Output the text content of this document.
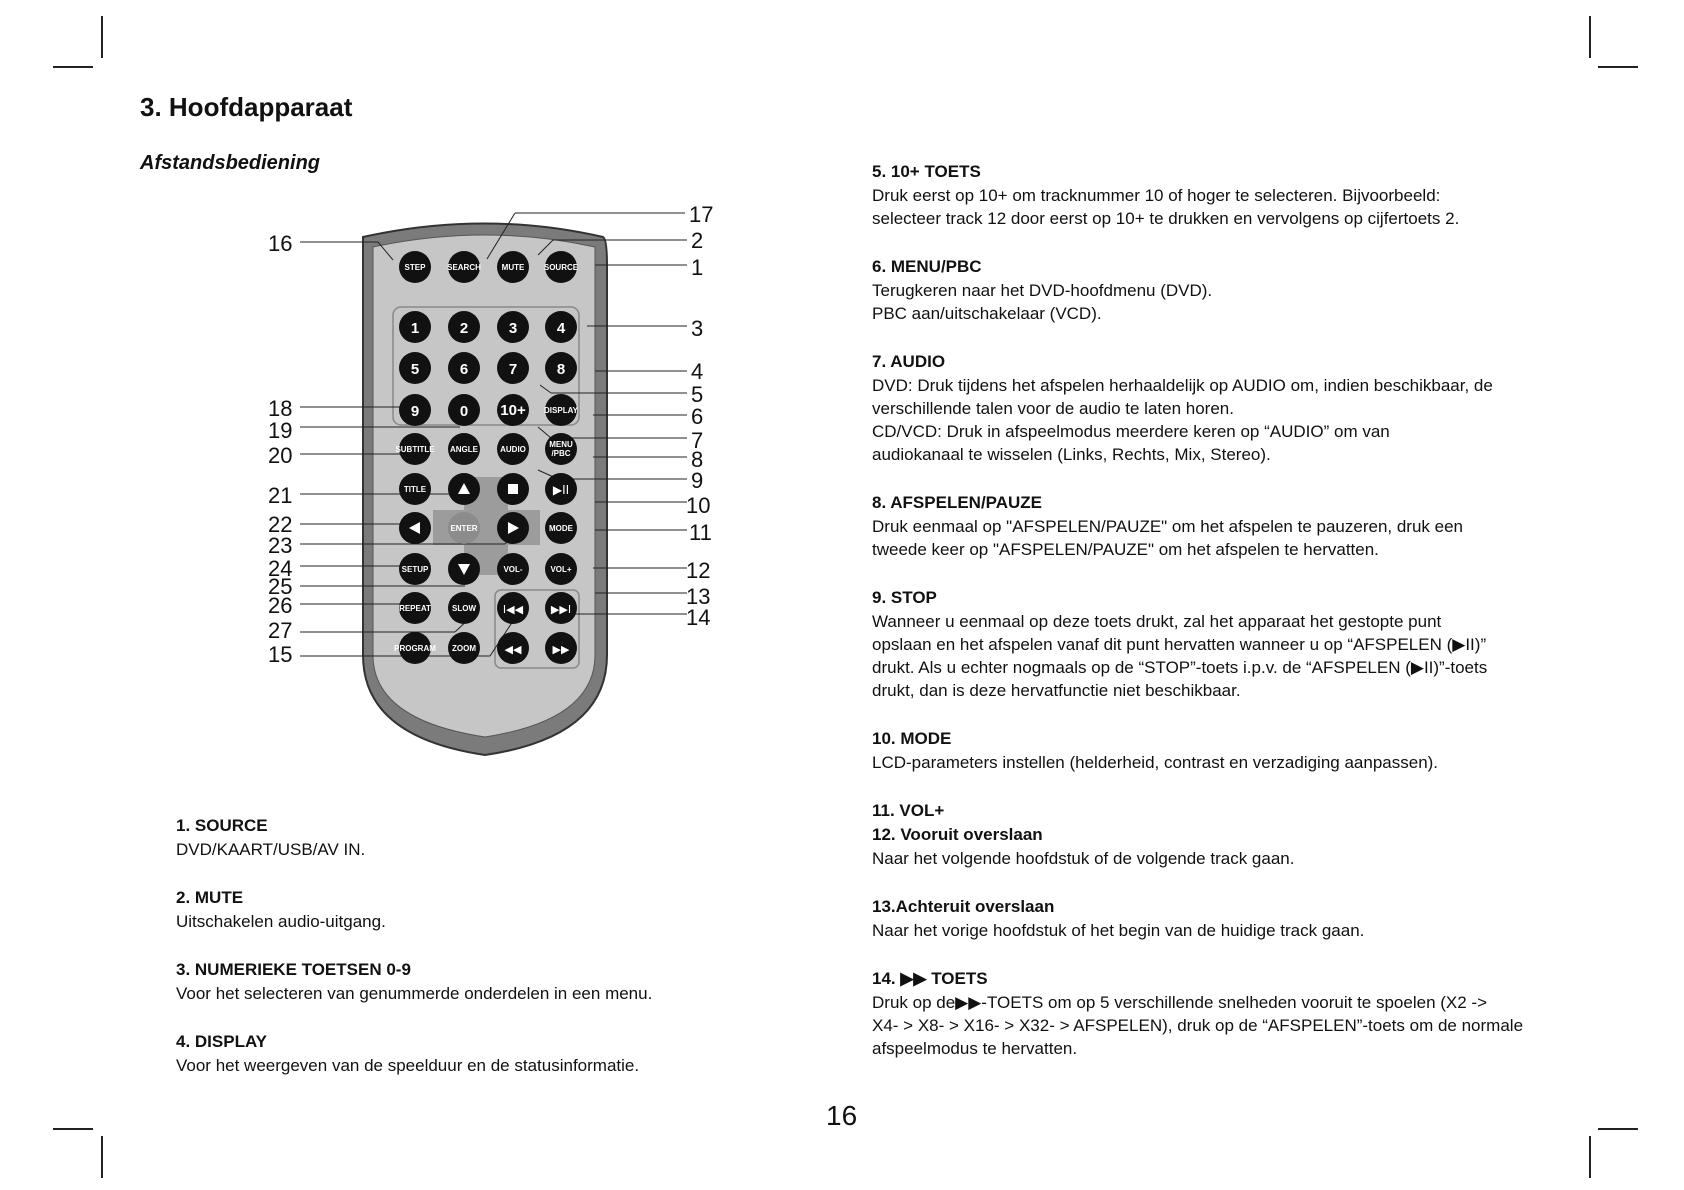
3. Hoofdapparaat
Afstandsbediening
16
18
19
20
21
22
23
24
25
26
27
15
17
2
1
3
4
5
6
7
8
9
10
11
12
13
14
STEP	SEARCH	MUTE SOURCE
1	2	3	4
5	6	7	8
9	0 10+ DISPLAY
SUBTITLE ANGLE	AUDIO
MENU
/PBC
TITLE	▶II
ENTER	MODE
SETUP	VOL-	VOL+
REPEAT	SLOW I◀◀	▶▶I
PROGRAM ZOOM	◀◀	▶▶
1. SOURCE

DVD/KAART/USB/AV IN.

2. MUTE

Uitschakelen audio-uitgang.

3. NUMERIEKE TOETSEN 0-9

Voor het selecteren van genummerde onderdelen in een menu.

4. DISPLAY

Voor het weergeven van de speelduur en de statusinformatie.

5. 10+ TOETS

Druk eerst op 10+ om tracknummer 10 of hoger te selecteren. Bijvoorbeeld:

selecteer track 12 door eerst op 10+ te drukken en vervolgens op cijfertoets 2.

6. MENU/PBC

Terugkeren naar het DVD-hoofdmenu (DVD).

PBC aan/uitschakelaar (VCD).

7. AUDIO

DVD: Druk tijdens het afspelen herhaaldelijk op AUDIO om, indien beschikbaar, de

verschillende talen voor de audio te laten horen.

CD/VCD: Druk in afspeelmodus meerdere keren op “AUDIO” om van

audiokanaal te wisselen (Links, Rechts, Mix, Stereo).

8. AFSPELEN/PAUZE

Druk eenmaal op "AFSPELEN/PAUZE" om het afspelen te pauzeren, druk een

tweede keer op "AFSPELEN/PAUZE" om het afspelen te hervatten.

9. STOP

Wanneer u eenmaal op deze toets drukt, zal het apparaat het gestopte punt

opslaan en het afspelen vanaf dit punt hervatten wanneer u op “AFSPELEN (▶II)”

drukt. Als u echter nogmaals op de “STOP”-toets i.p.v. de “AFSPELEN (▶II)”-toets

drukt, dan is deze hervatfunctie niet beschikbaar.

10. MODE

LCD-parameters instellen (helderheid, contrast en verzadiging aanpassen).

11. VOL+
12. Vooruit overslaan

Naar het volgende hoofdstuk of de volgende track gaan.

13.Achteruit overslaan

Naar het vorige hoofdstuk of het begin van de huidige track gaan.

14. ▶▶ TOETS

Druk op de▶▶-TOETS om op 5 verschillende snelheden vooruit te spoelen (X2 ->

X4- > X8- > X16- > X32- > AFSPELEN), druk op de “AFSPELEN”-toets om de normale

afspeelmodus te hervatten.

16
